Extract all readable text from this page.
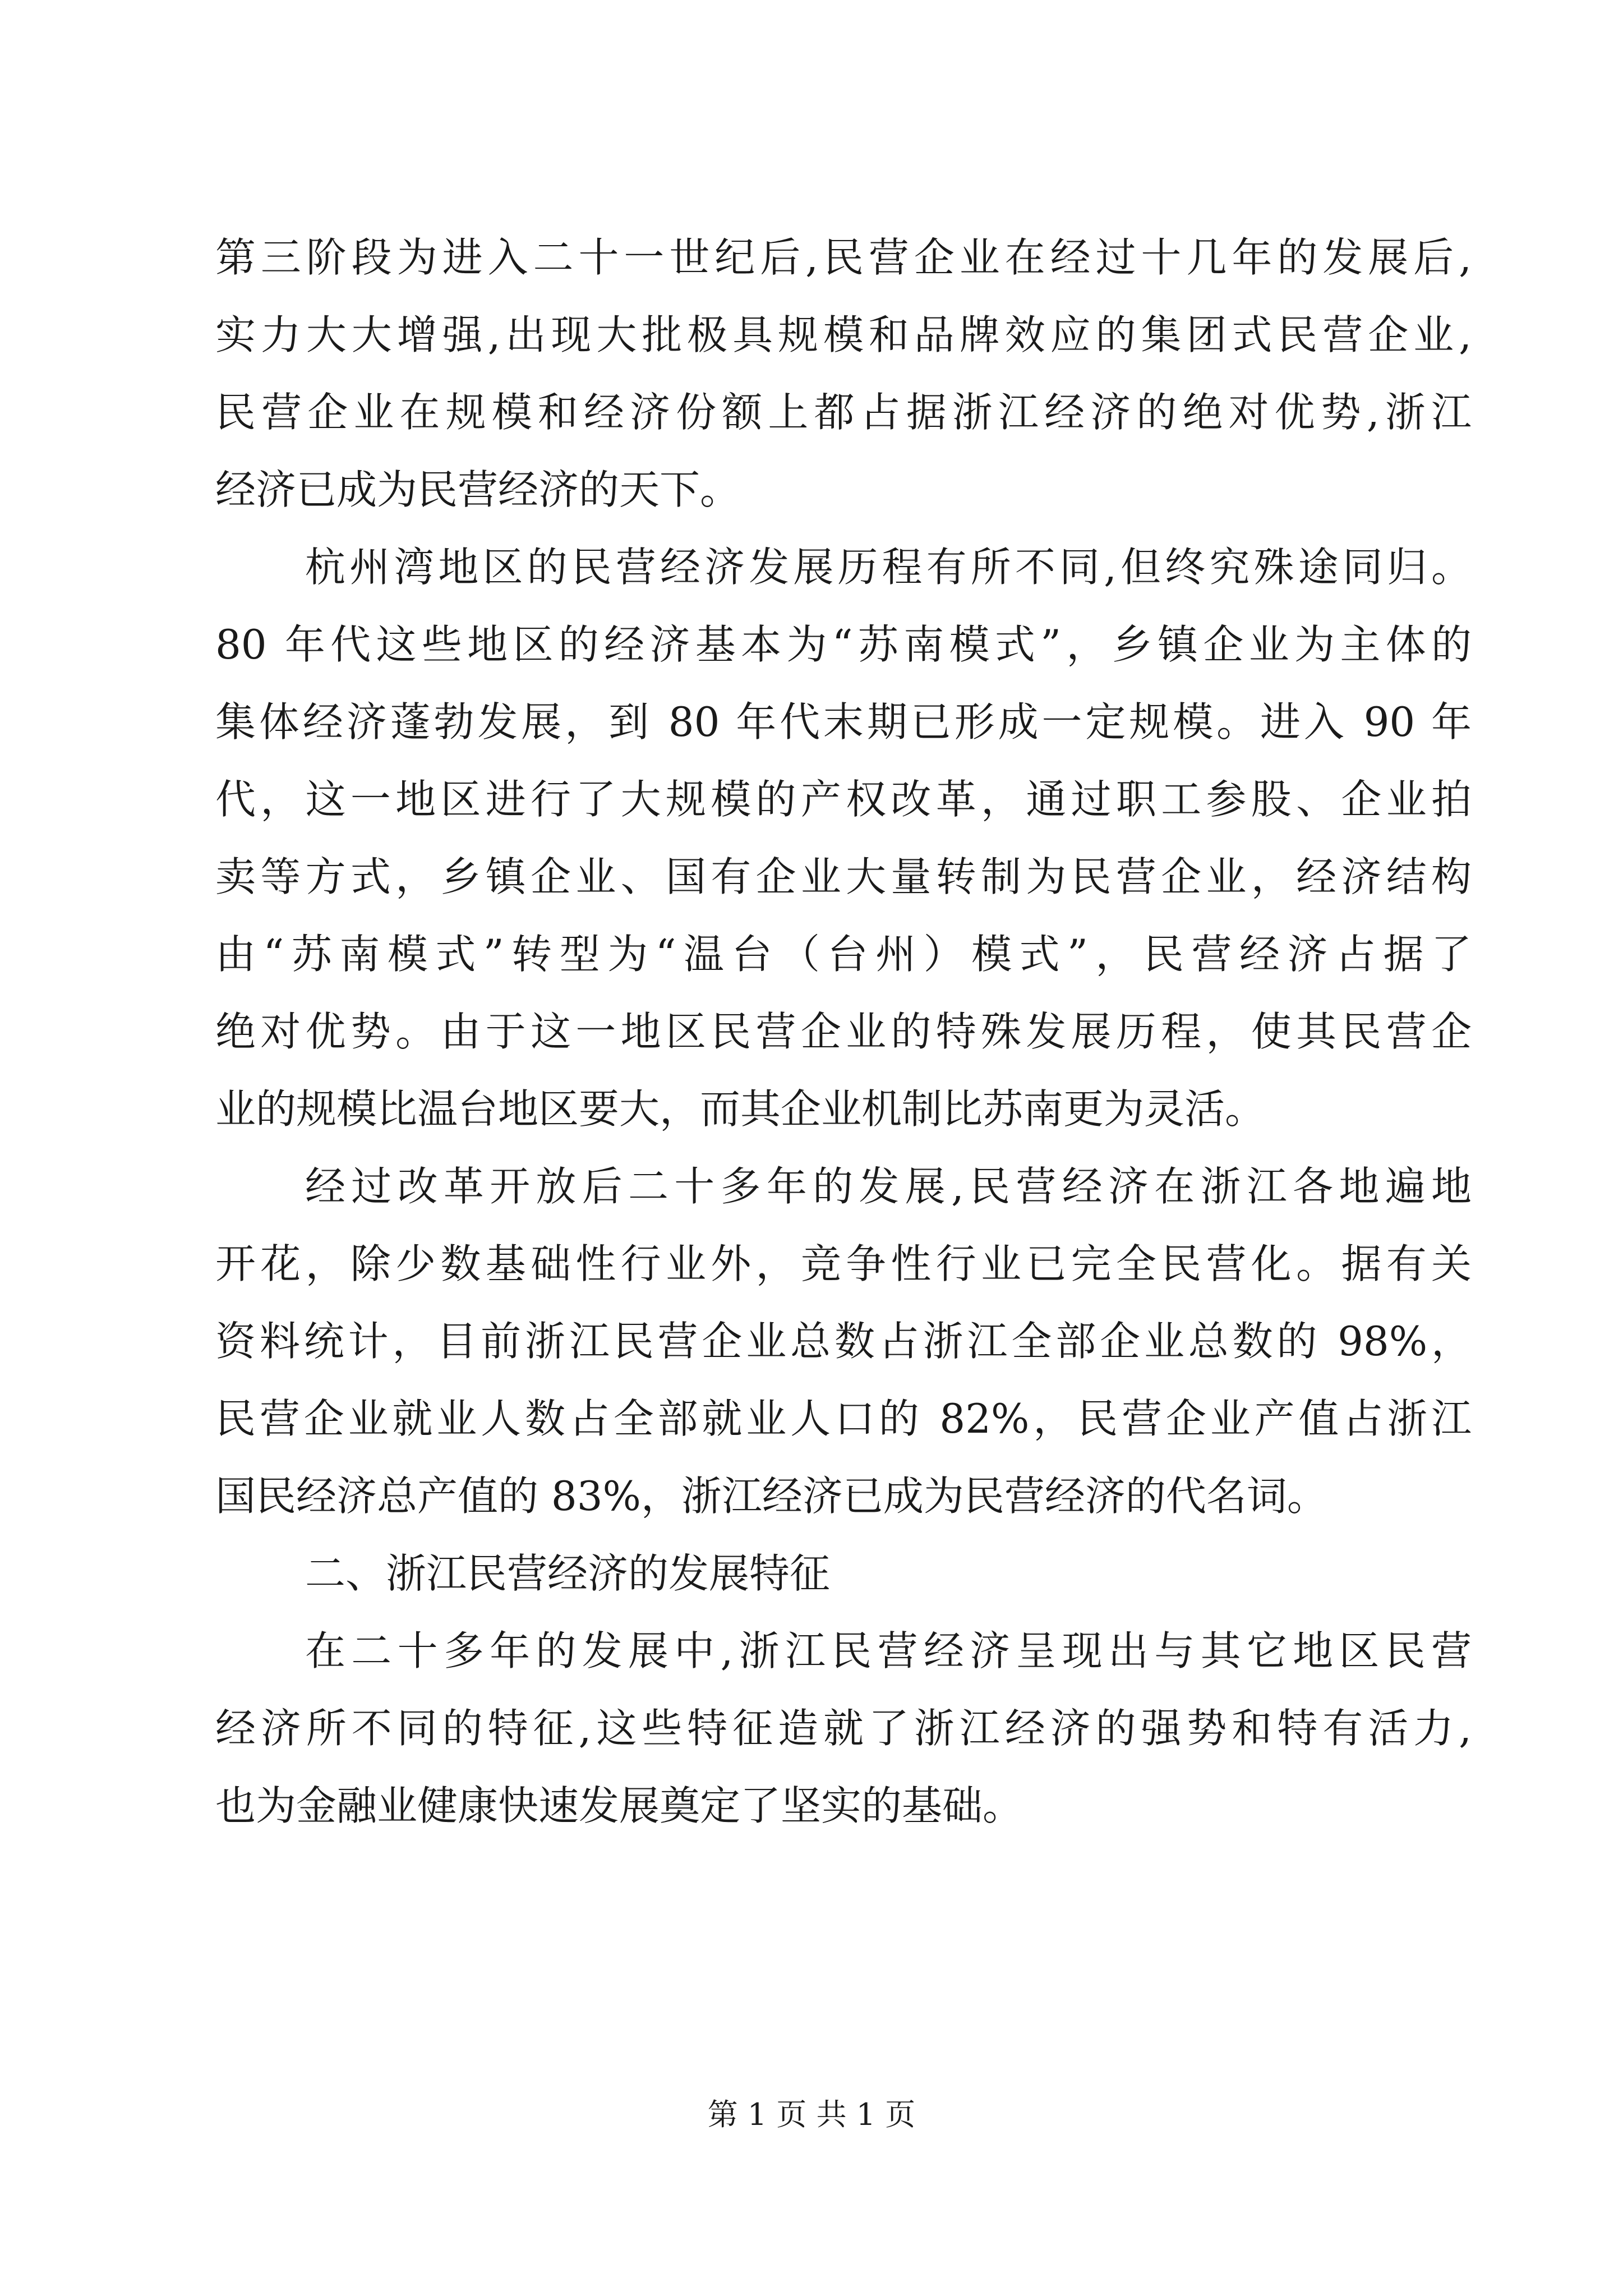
第三阶段为进入二十一世纪后,民营企业在经过十几年的发展后,
实力大大增强,出现大批极具规模和品牌效应的集团式民营企业,
民营企业在规模和经济份额上都占据浙江经济的绝对优势,浙江
经济已成为民营经济的天下。
杭州湾地区的民营经济发展历程有所不同,但终究殊途同归。
80 年代这些地区的经济基本为“苏南模式”，乡镇企业为主体的
集体经济蓬勃发展，到 80 年代末期已形成一定规模。进入 90 年
代，这一地区进行了大规模的产权改革，通过职工参股、企业拍
卖等方式，乡镇企业、国有企业大量转制为民营企业，经济结构
由“苏南模式”转型为“温台（台州）模式”，民营经济占据了
绝对优势。由于这一地区民营企业的特殊发展历程，使其民营企
业的规模比温台地区要大，而其企业机制比苏南更为灵活。
经过改革开放后二十多年的发展,民营经济在浙江各地遍地
开花，除少数基础性行业外，竞争性行业已完全民营化。据有关
资料统计，目前浙江民营企业总数占浙江全部企业总数的 98%，
民营企业就业人数占全部就业人口的 82%，民营企业产值占浙江
国民经济总产值的 83%，浙江经济已成为民营经济的代名词。
二、浙江民营经济的发展特征
在二十多年的发展中,浙江民营经济呈现出与其它地区民营
经济所不同的特征,这些特征造就了浙江经济的强势和特有活力,
也为金融业健康快速发展奠定了坚实的基础。
第 1 页 共 1 页
